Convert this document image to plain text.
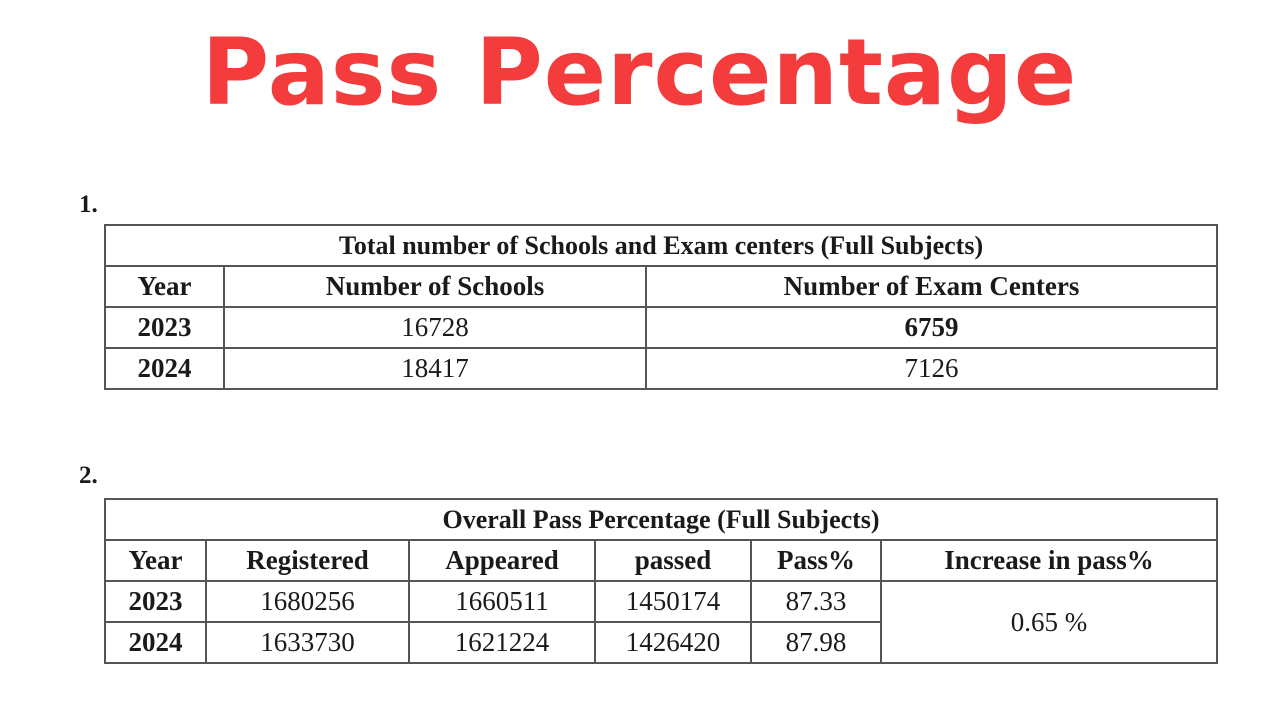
Pass Percentage
1.
Total number of Schools and Exam centers (Full Subjects)		
Year	Number of Schools	Number of Exam Centers
2023	16728	6759
2024	18417	7126
2.
Overall Pass Percentage (Full Subjects)					
Year	Registered	Appeared	passed	Pass%	Increase in pass%
2023	1680256	1660511	1450174	87.33	0.65 %
2024	1633730	1621224	1426420	87.98	
